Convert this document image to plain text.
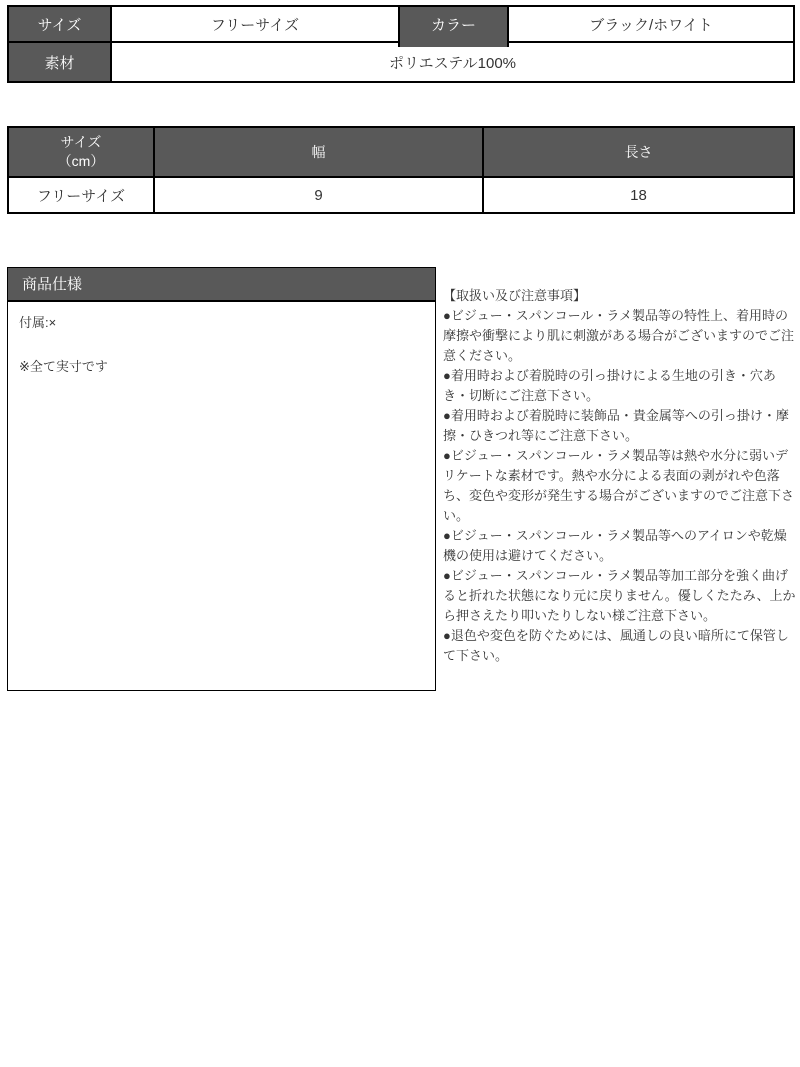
サイズ	フリーサイズ	カラー	ブラック/ホワイト
素材	ポリエステル100%		
サイズ
（cm）	幅	長さ
フリーサイズ	9	18
商品仕様
付属:×
※全て実寸です
【取扱い及び注意事項】
●ビジュー・スパンコール・ラメ製品等の特性上、着用時の摩擦や衝撃により肌に刺激がある場合がございますのでご注意ください。
●着用時および着脱時の引っ掛けによる生地の引き・穴あき・切断にご注意下さい。
●着用時および着脱時に装飾品・貴金属等への引っ掛け・摩擦・ひきつれ等にご注意下さい。
●ビジュー・スパンコール・ラメ製品等は熱や水分に弱いデリケートな素材です。熱や水分による表面の剥がれや色落ち、変色や変形が発生する場合がございますのでご注意下さい。
●ビジュー・スパンコール・ラメ製品等へのアイロンや乾燥機の使用は避けてください。
●ビジュー・スパンコール・ラメ製品等加工部分を強く曲げると折れた状態になり元に戻りません。優しくたたみ、上から押さえたり叩いたりしない様ご注意下さい。
●退色や変色を防ぐためには、風通しの良い暗所にて保管して下さい。
